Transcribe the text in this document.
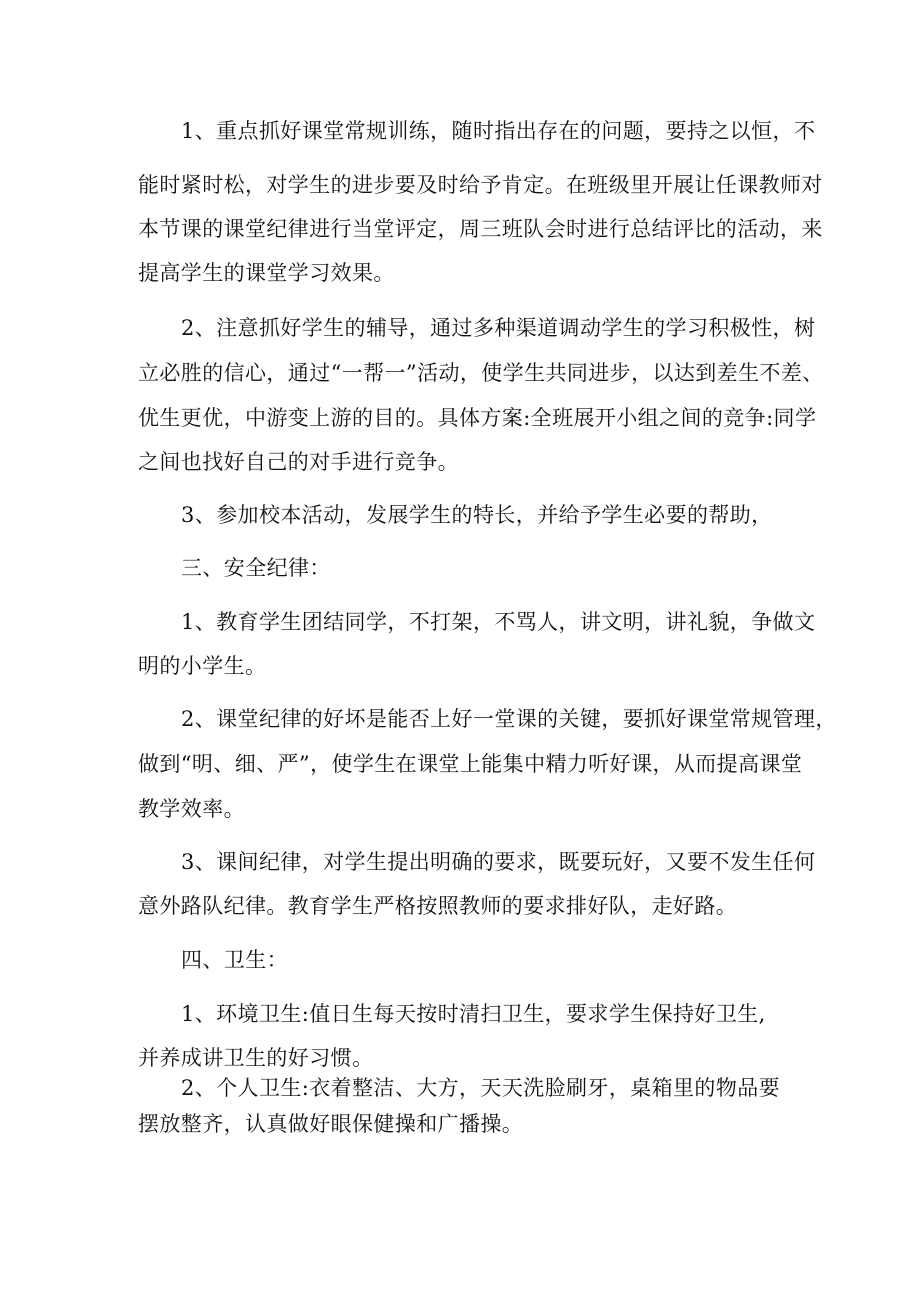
1、重点抓好课堂常规训练，随时指出存在的问题，要持之以恒，不
能时紧时松，对学生的进步要及时给予肯定。在班级里开展让任课教师对
本节课的课堂纪律进行当堂评定，周三班队会时进行总结评比的活动，来
提高学生的课堂学习效果。
2、注意抓好学生的辅导，通过多种渠道调动学生的学习积极性，树
立必胜的信心，通过“一帮一”活动，使学生共同进步，以达到差生不差、
优生更优，中游变上游的目的。具体方案:全班展开小组之间的竞争:同学
之间也找好自己的对手进行竞争。
3、参加校本活动，发展学生的特长，并给予学生必要的帮助，
三、安全纪律：
1、教育学生团结同学，不打架，不骂人，讲文明，讲礼貌，争做文
明的小学生。
2、课堂纪律的好坏是能否上好一堂课的关键，要抓好课堂常规管理，
做到“明、细、严”，使学生在课堂上能集中精力听好课，从而提高课堂
教学效率。
3、课间纪律，对学生提出明确的要求，既要玩好，又要不发生任何
意外路队纪律。教育学生严格按照教师的要求排好队，走好路。
四、卫生：
1、环境卫生:值日生每天按时清扫卫生，要求学生保持好卫生,
并养成讲卫生的好习惯。
2、个人卫生:衣着整洁、大方，天天洗脸刷牙，桌箱里的物品要
摆放整齐，认真做好眼保健操和广播操。
